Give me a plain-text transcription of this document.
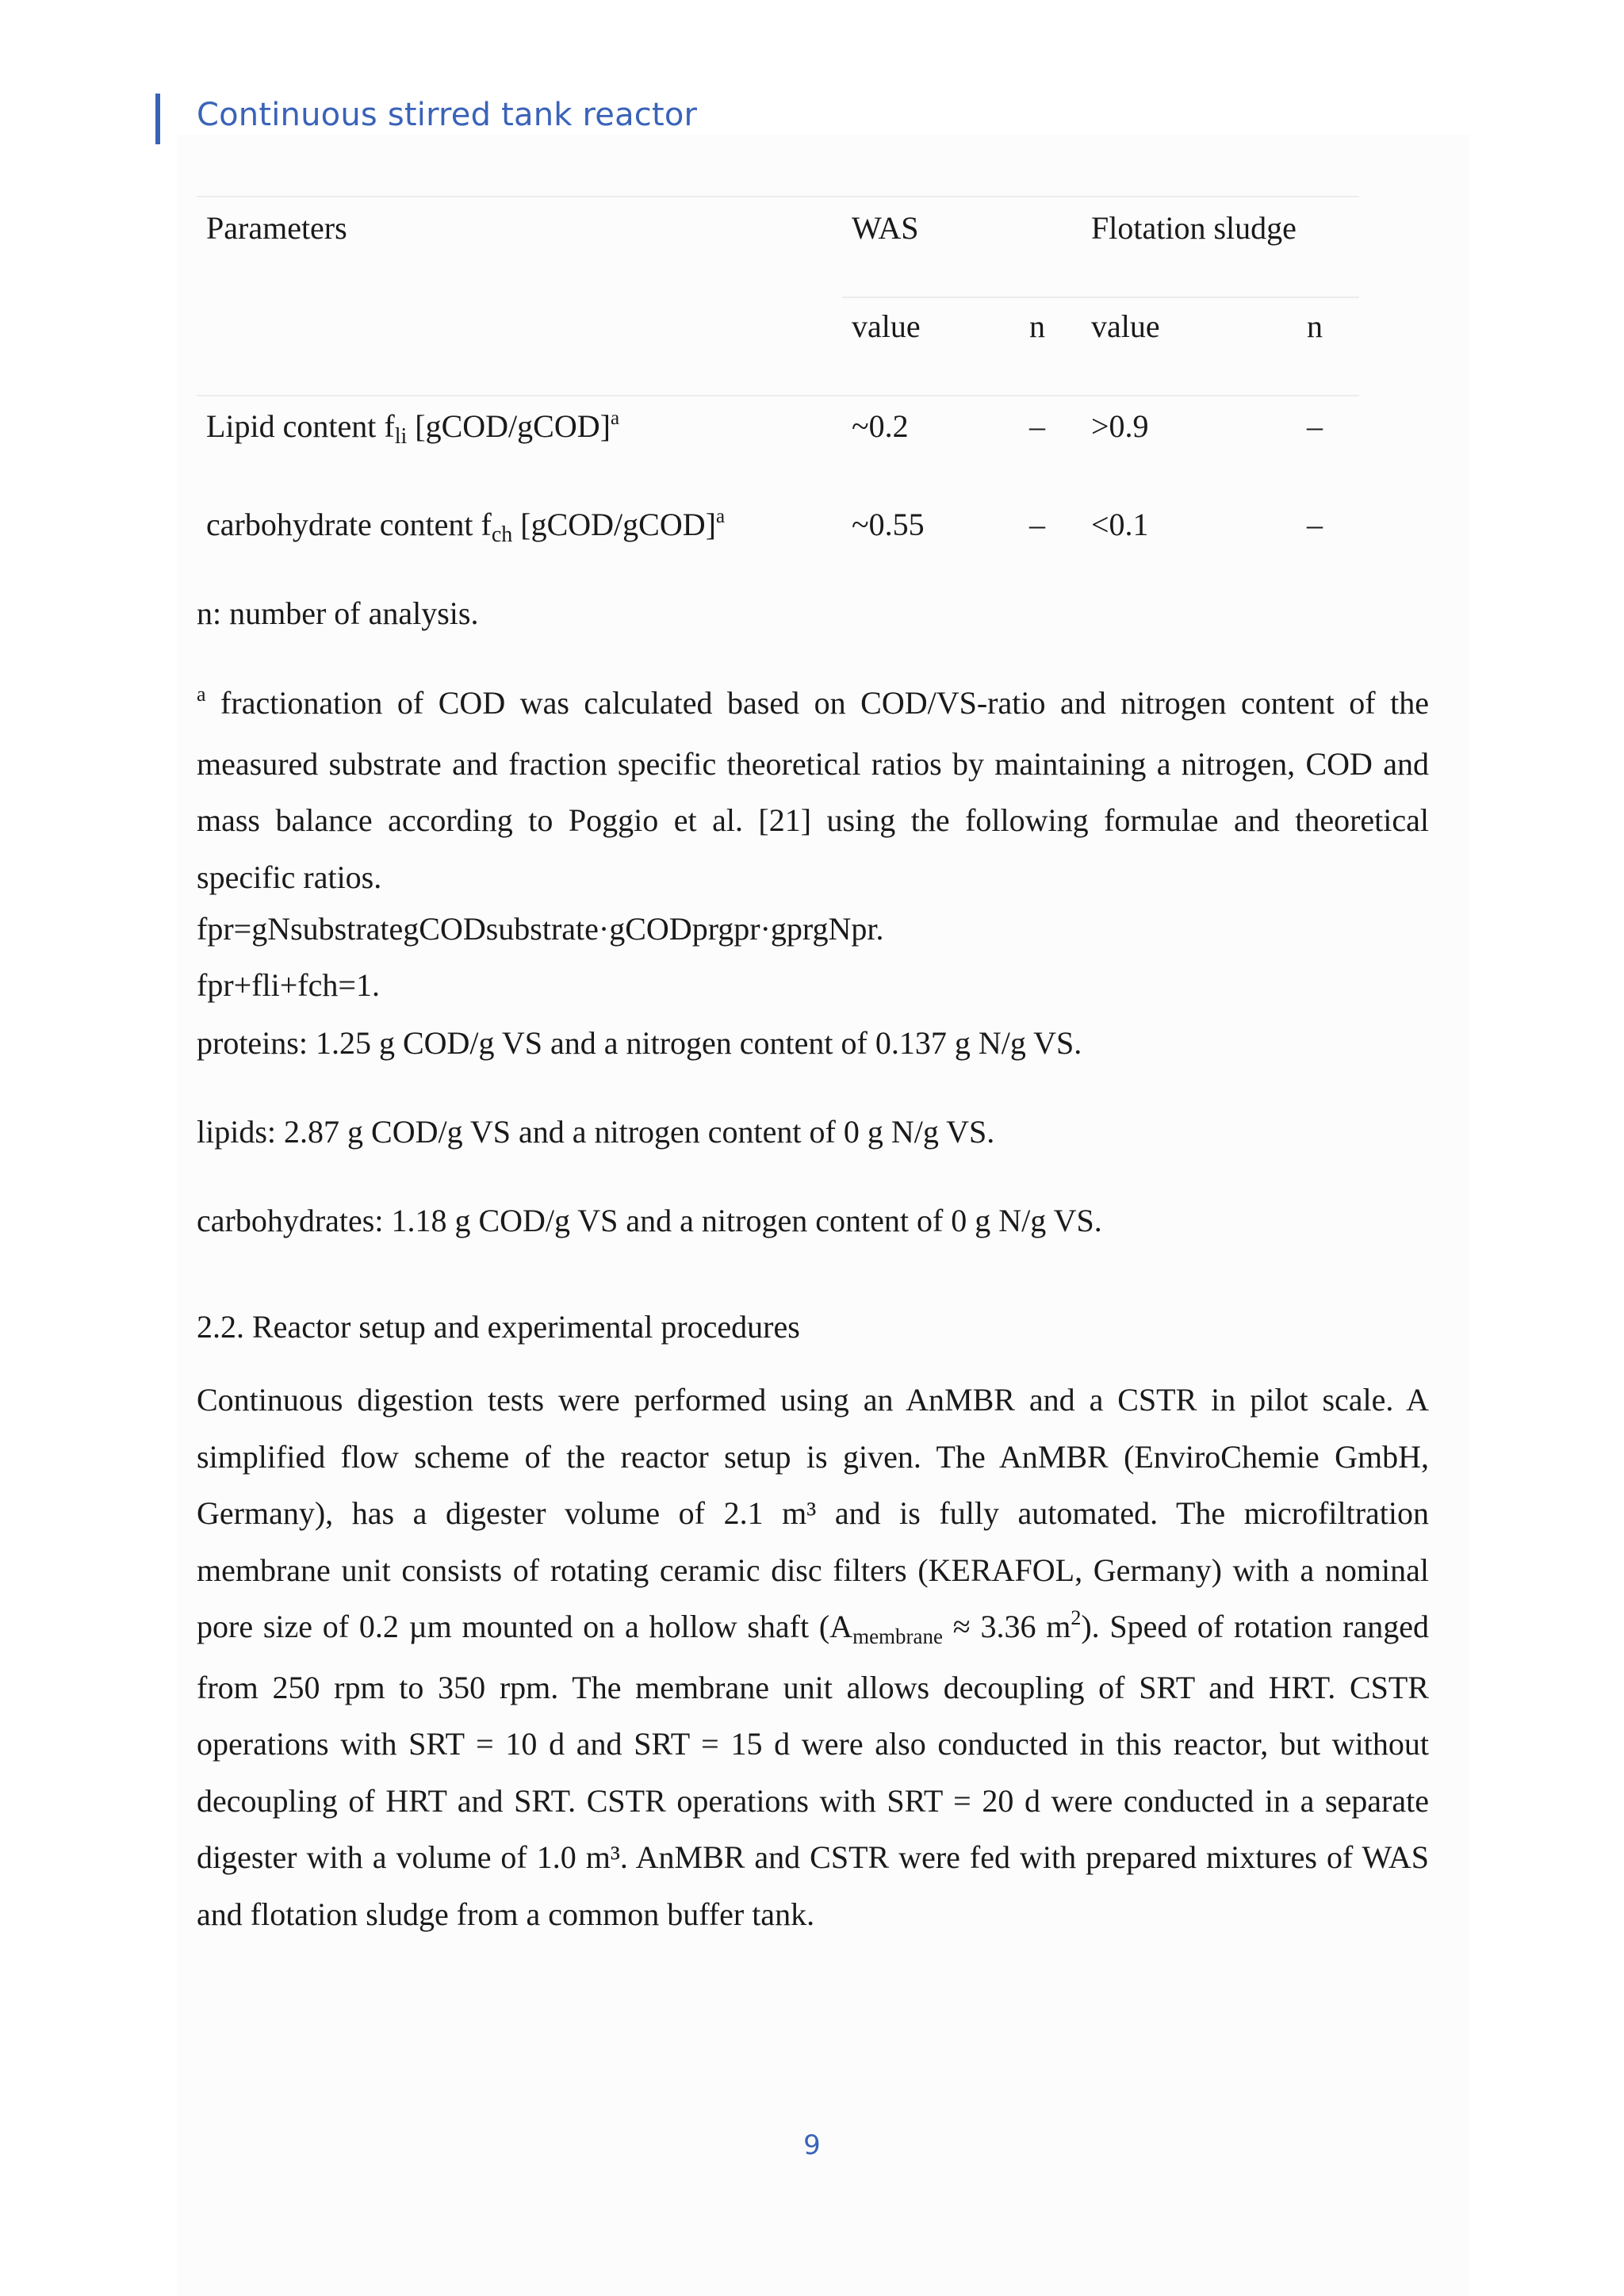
Continuous stirred tank reactor
Parameters	WAS	Flotation sludge
value	n value	n
Lipid content $f_{li}$ [gCOD/gCOD]$^a$	~0.2	– >0.9	–
carbohydrate content $f_{ch}$ [gCOD/gCOD]$^a$	~0.55	– <0.1	–
n: number of analysis.
$^a$ fractionation of COD was calculated based on COD/VS-ratio and nitrogen content of the measured substrate and fraction specific theoretical ratios by maintaining a nitrogen, COD and mass balance according to Poggio et al. [21] using the following formulae and theoretical specific ratios.
fpr=gNsubstrategCODsubstrate·gCODprgpr·gprgNpr.
fpr+fli+fch=1.
proteins: 1.25 g COD/g VS and a nitrogen content of 0.137 g N/g VS.
lipids: 2.87 g COD/g VS and a nitrogen content of 0 g N/g VS.
carbohydrates: 1.18 g COD/g VS and a nitrogen content of 0 g N/g VS.
2.2. Reactor setup and experimental procedures
Continuous digestion tests were performed using an AnMBR and a CSTR in pilot scale. A simplified flow scheme of the reactor setup is given. The AnMBR (EnviroChemie GmbH, Germany), has a digester volume of 2.1 m³ and is fully automated. The microfiltration membrane unit consists of rotating ceramic disc filters (KERAFOL, Germany) with a nominal pore size of 0.2 µm mounted on a hollow shaft ($A_{membrane} \approx 3.36$ $m^2$). Speed of rotation ranged from 250 rpm to 350 rpm. The membrane unit allows decoupling of SRT and HRT. CSTR operations with SRT = 10 d and SRT = 15 d were also conducted in this reactor, but without decoupling of HRT and SRT. CSTR operations with SRT = 20 d were conducted in a separate digester with a volume of 1.0 m³. AnMBR and CSTR were fed with prepared mixtures of WAS and flotation sludge from a common buffer tank.
9
